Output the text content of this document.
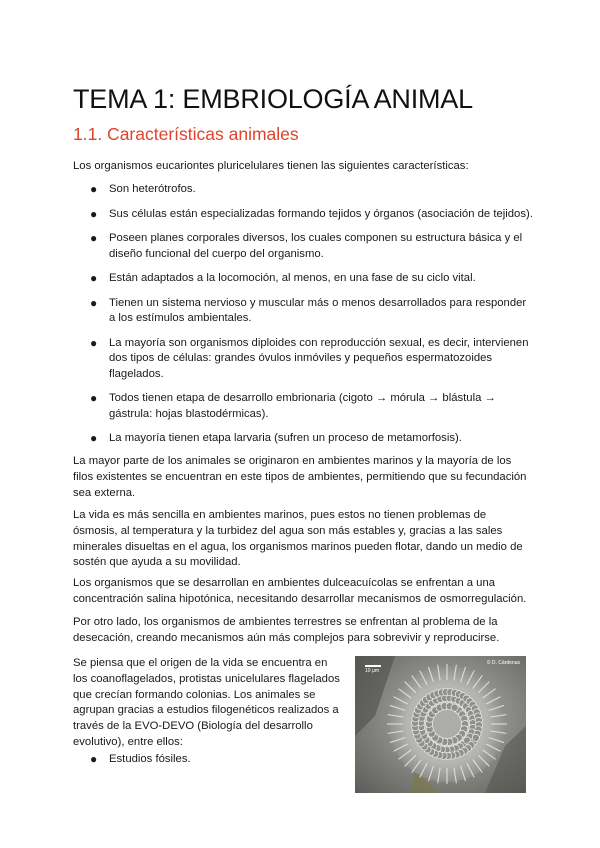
TEMA 1: EMBRIOLOGÍA ANIMAL
1.1. Características animales

Los organismos eucariontes pluricelulares tienen las siguientes características:

● Son heterótrofos.
● Sus células están especializadas formando tejidos y órganos (asociación de tejidos).
● Poseen planes corporales diversos, los cuales componen su estructura básica y el diseño funcional del cuerpo del organismo.
● Están adaptados a la locomoción, al menos, en una fase de su ciclo vital.
● Tienen un sistema nervioso y muscular más o menos desarrollados para responder a los estímulos ambientales.
● La mayoría son organismos diploides con reproducción sexual, es decir, intervienen dos tipos de células: grandes óvulos inmóviles y pequeños espermatozoides flagelados.
● Todos tienen etapa de desarrollo embrionaria (cigoto → mórula → blástula → gástrula: hojas blastodérmicas).
● La mayoría tienen etapa larvaria (sufren un proceso de metamorfosis).

La mayor parte de los animales se originaron en ambientes marinos y la mayoría de los filos existentes se encuentran en este tipos de ambientes, permitiendo que su fecundación sea externa.

La vida es más sencilla en ambientes marinos, pues estos no tienen problemas de ósmosis, al temperatura y la turbidez del agua son más estables y, gracias a las sales minerales disueltas en el agua, los organismos marinos pueden flotar, dando un medio de sostén que ayuda a su movilidad.

Los organismos que se desarrollan en ambientes dulceacuícolas se enfrentan a una concentración salina hipotónica, necesitando desarrollar mecanismos de osmorregulación.

Por otro lado, los organismos de ambientes terrestres se enfrentan al problema de la desecación, creando mecanismos aún más complejos para sobrevivir y reproducirse.

Se piensa que el origen de la vida se encuentra en los coanoflagelados, protistas unicelulares flagelados que crecían formando colonias. Los animales se agrupan gracias a estudios filogenéticos realizados a través de la EVO-DEVO (Biología del desarrollo evolutivo), entre ellos:

● Estudios fósiles.
10 µm
© D. Cárdenas
